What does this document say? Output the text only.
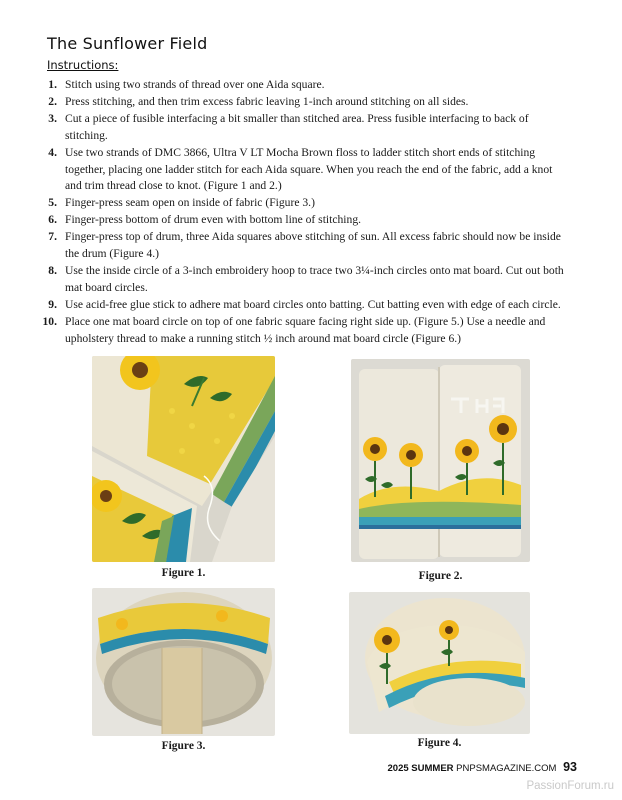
The Sunflower Field
Instructions:
1. Stitch using two strands of thread over one Aida square.
2. Press stitching, and then trim excess fabric leaving 1-inch around stitching on all sides.
3. Cut a piece of fusible interfacing a bit smaller than stitched area. Press fusible interfacing to back of stitching.
4. Use two strands of DMC 3866, Ultra V LT Mocha Brown floss to ladder stitch short ends of stitching together, placing one ladder stitch for each Aida square. When you reach the end of the fabric, add a knot and trim thread close to knot. (Figure 1 and 2.)
5. Finger-press seam open on inside of fabric (Figure 3.)
6. Finger-press bottom of drum even with bottom line of stitching.
7. Finger-press top of drum, three Aida squares above stitching of sun. All excess fabric should now be inside the drum (Figure 4.)
8. Use the inside circle of a 3-inch embroidery hoop to trace two 3¼-inch circles onto mat board. Cut out both mat board circles.
9. Use acid-free glue stick to adhere mat board circles onto batting. Cut batting even with edge of each circle.
10. Place one mat board circle on top of one fabric square facing right side up. (Figure 5.) Use a needle and upholstery thread to make a running stitch ½ inch around mat board circle (Figure 6.)
Figure 1.	Figure 2.
Figure 3.	Figure 4.
2025 SUMMER PNPSMAGAZINE.COM 93
PassionForum.ru
